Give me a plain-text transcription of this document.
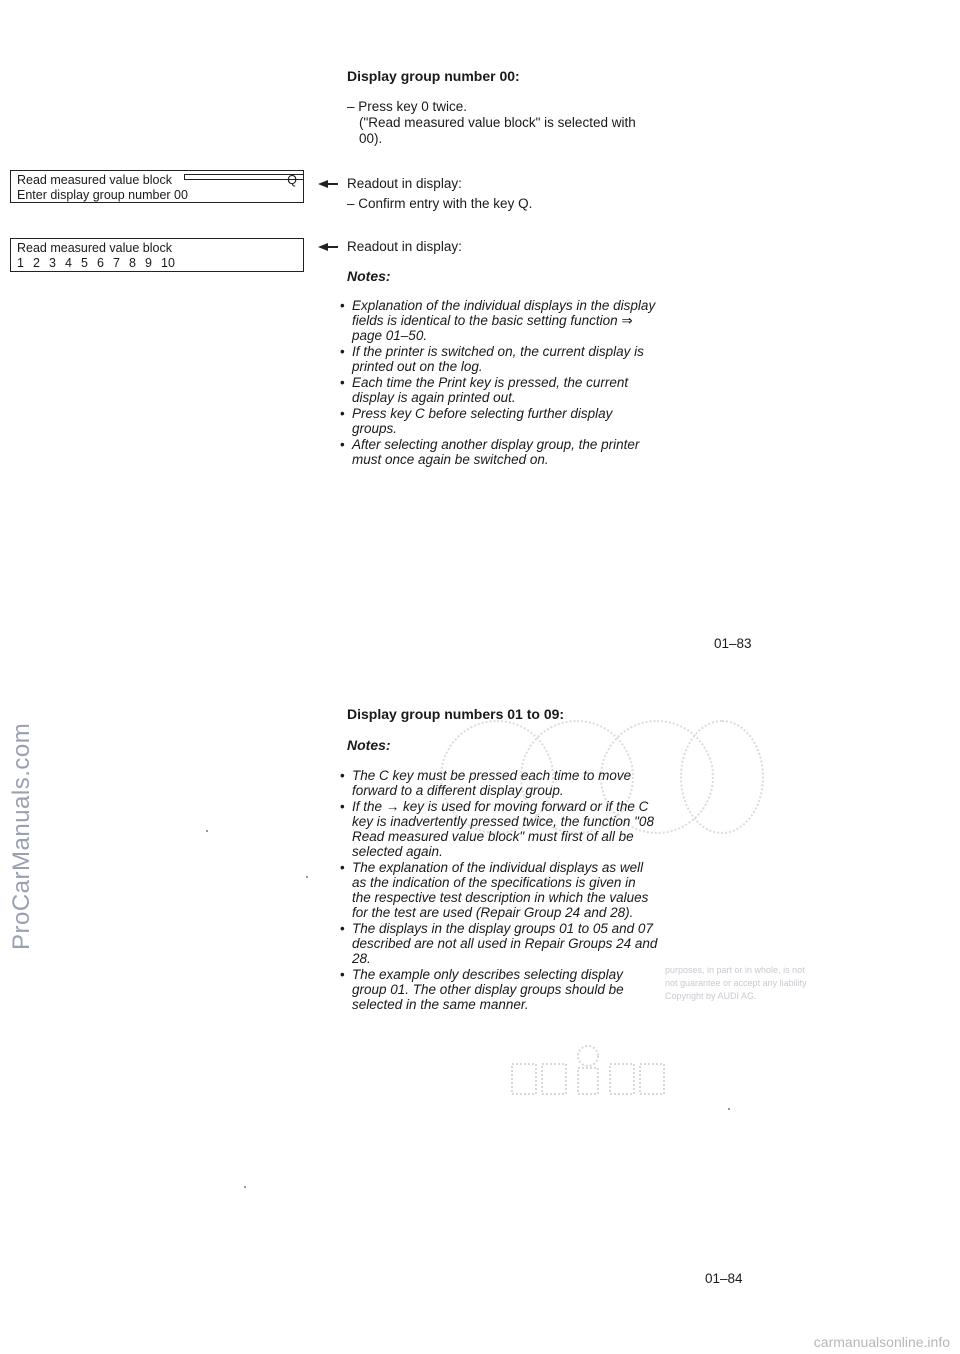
ProCarManuals.com
Display group number 00:
– Press key 0 twice.
("Read measured value block" is selected with 00).
Read measured value block	Q
Enter display group number 00
Readout in display:
– Confirm entry with the key Q.
Read measured value block
1 2 3 4 5 6 7 8 9 10
Readout in display:
Notes:
• Explanation of the individual displays in the display fields is identical to the basic setting function ⇒ page 01–50.
• If the printer is switched on, the current display is printed out on the log.
• Each time the Print key is pressed, the current display is again printed out.
• Press key C before selecting further display groups.
• After selecting another display group, the printer must once again be switched on.
01–83
Display group numbers 01 to 09:
Notes:
• The C key must be pressed each time to move forward to a different display group.
• If the → key is used for moving forward or if the C key is inadvertently pressed twice, the function "08 Read measured value block" must first of all be selected again.
• The explanation of the individual displays as well as the indication of the specifications is given in the respective test description in which the values for the test are used (Repair Group 24 and 28).
• The displays in the display groups 01 to 05 and 07 described are not all used in Repair Groups 24 and 28.
• The example only describes selecting display group 01. The other display groups should be selected in the same manner.
purposes, in part or in whole, is not
not guarantee or accept any liability
Copyright by AUDI AG.
01–84
carmanualsonline.info
